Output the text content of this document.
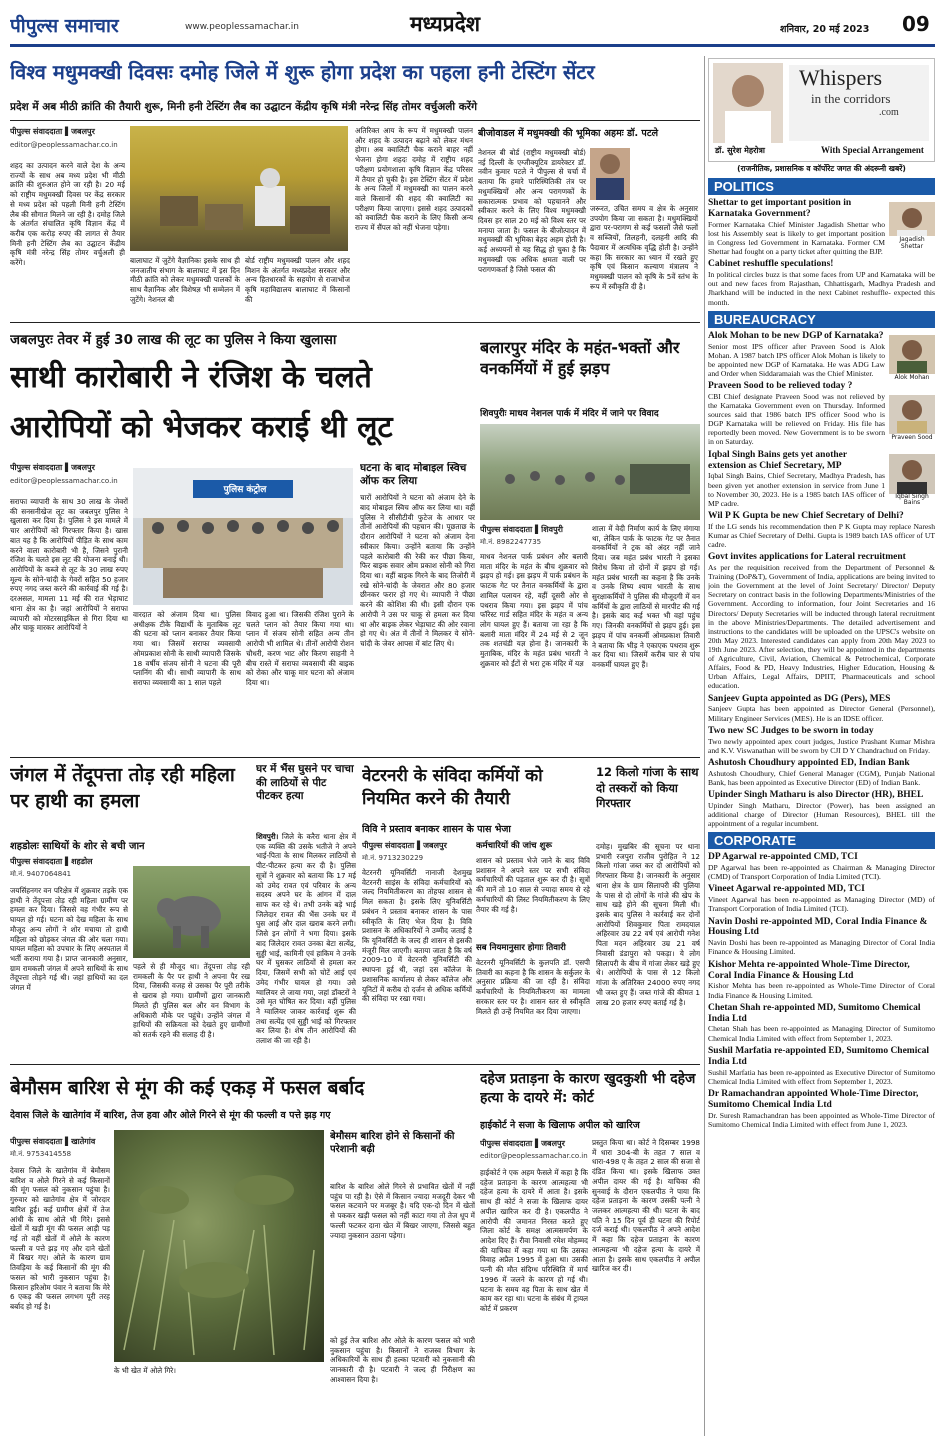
पीपुल्स समाचार	www.peoplessamachar.in	मध्यप्रदेश	शनिवार, 20 मई 2023 09
विश्व मधुमक्खी दिवसः दमोह जिले में शुरू होगा प्रदेश का पहला हनी टेस्टिंग सेंटर
प्रदेश में अब मीठी क्रांति की तैयारी शुरू, मिनी हनी टेस्टिंग लैब का उद्घाटन केंद्रीय कृषि मंत्री नरेन्द्र सिंह तोमर वर्चुअली करेंगे
पीपुल्स संवाददाता ▌जबलपुर
editor@peoplessamachar.co.in
शहद का उत्पादन करने वाले देश के अन्य राज्यों के साथ अब मध्य प्रदेश भी मीठी क्रांति की शुरुआत होने जा रही है। 20 मई को राष्ट्रीय मधुमक्खी दिवस पर केंद्र सरकार से मध्य प्रदेश को पहली मिनी हनी टेस्टिंग लैब की सौगात मिलने जा रही है। दमोह जिले के अंतर्गत संचालित कृषि विज्ञान केंद्र में करीब एक करोड़ रुपए की लागत से तैयार मिनी हनी टेस्टिंग लैब का उद्घाटन केंद्रीय कृषि मंत्री नरेन्द्र सिंह तोमर वर्चुअली ही करेंगे।	बालाघाट में जुटेंगे वैज्ञानिकः इसके साथ ही जनजातीय संभाग के बालाघाट में इस दिन मीठी क्रांति को लेकर मधुमक्खी पालकों के साथ वैज्ञानिक और विशेषज्ञ भी सम्मेलन में जुटेंगे। नेशनल बी
बोर्ड राष्ट्रीय मधुमक्खी पालन और शहद मिशन के अंतर्गत मध्यप्रदेश सरकार और अन्य हितधारकों के सहयोग से राजाभोज कृषि महाविद्यालय बालाघाट में किसानों की
अतिरिक्त आय के रूप में मधुमक्खी पालन और शहद के उत्पादन बढ़ाने को लेकर मंथन होगा। अब क्वालिटी चैक कराने बाहर नहीं भेजना होगा शहदः दमोह में राष्ट्रीय शहद परीक्षण प्रयोगशाला कृषि विज्ञान केंद्र परिसर में तैयार हो चुकी है। इस टेस्टिंग सेंटर में प्रदेश के अन्य जिलों में मधुमक्खी का पालन करने वाले किसानों की शहद की क्वालिटी का परीक्षण किया जाएगा। इससे शहद उत्पादकों को क्वालिटी चैक कराने के लिए किसी अन्य राज्य में सैंपल को नहीं भेजना पड़ेगा।
बीजोवाडल में मधुमक्खी की भूमिका अहमः डॉ. पटले
नेशनल बी बोर्ड (राष्ट्रीय मधुमक्खी बोर्ड) नई दिल्ली के एग्जीक्यूटिव डायरेक्टर डॉ. नवीन कुमार पटले ने पीपुल्स से चर्चा में बताया कि हमारे पारिस्थितिकी तंत्र पर मधुमक्खियों और अन्य परागणकों के सकारात्मक प्रभाव को पहचानने और स्वीकार करने के लिए विश्व मधुमक्खी दिवस हर साल 20 मई को विश्व स्तर पर मनाया जाता है। फसल के बीजोत्पादन में मधुमक्खी की भूमिका बेहद अहम होती है। कई अध्ययनों से यह सिद्ध हो चुका है कि मधुमक्खी एक अधिक क्षमता वाली पर परागणकर्ता है जिसे फसल की
जरूरत, उचित समय व क्षेत्र के अनुसार उपयोग किया जा सकता है। मधुमक्खियों द्वारा पर-परागण से कई फसलों जैसे फलों व सब्जियों, तिलहनी, दलहनी आदि की पैदावार में अत्यधिक वृद्धि होती है। उन्होंने कहा कि सरकार का ध्यान में रखते हुए कृषि एवं किसान कल्याण मंत्रालय ने मधुमक्खी पालन को कृषि के 5वें स्तंभ के रूप में स्वीकृति दी है।
जबलपुरः तेवर में हुई 30 लाख की लूट का पुलिस ने किया खुलासा
साथी कारोबारी ने रंजिश के चलते
आरोपियों को भेजकर कराई थी लूट
पीपुल्स संवाददाता ▌जबलपुर
editor@peoplessamachar.co.in
सराफा व्यापारी के साथ 30 लाख के जेवरों की सनसनीखेज लूट का जबलपुर पुलिस ने खुलासा कर दिया है। पुलिस ने इस मामले में चार आरोपियों को गिरफ्तार किया है। खास बात यह है कि आरोपियों पीड़ित के साथ काम करने वाला कारोबारी भी है, जिसने पुरानी रंजिश के चलते इस लूट की योजना बनाई थी। आरोपियों के कब्जे से लूट के 30 लाख रुपए मूल्य के सोने-चांदी के गेवरों सहित 50 हजार रुपए नगद जब्त करने की कार्रवाई की गई है। दरअसल, मामला 11 मई की रात भेड़ाघाट थाना क्षेत्र का है। जहां आरोपियों ने सराफा व्यापारी को मोटरसाइकिल से गिरा दिया था और चाकू मारकर आरोपियों ने
पुलिस कंट्रोल
वारदात को अंजाम दिया था। पुलिस अधीक्षक टीके विद्यार्थी के मुताबिक लूट की घटना को प्लान बनाकर तैयार किया गया था। जिसमें सराफा व्यवसायी ओमप्रकाश सोनी के साथी व्यापारी जिसके 18 वर्षीय संजय सोनी ने घटना की पूरी प्लानिंग की थी। साथी व्यापारी के साथ सराफा व्यवसायी का 1 साल पहले
विवाद हुआ था। जिसकी रंजिश पुराने के चलते प्लान को तैयार किया गया था। प्लान में संजय सोनी सहित अन्य तीन आरोपी भी शामिल थे। तीनों आरोपी रोशन चौधरी, करण भाट और किरण साहनी ने बीच रास्ते में सराफा व्यवसायी की बाइक को रोका और चाकू मार घटना को अंजाम दिया था।
घटना के बाद मोबाइल स्विच ऑफ कर लिया
चारों आरोपियों ने घटना को अंजाम देने के बाद मोबाइल स्विच ऑफ कर लिया था। वहीं पुलिस ने सीसीटीवी फुटेज के आधार पर तीनों आरोपियों की पहचान की। पूछताछ के दौरान आरोपियों ने घटना को अंजाम देना स्वीकार किया। उन्होंने बताया कि उन्होंने पहले कारोबारी की रेकी कर पीछा किया, फिर बाइक सवार ओम प्रकाश सोनी को गिरा दिया था। वहीं बाइक गिरने के बाद तिजोरी में रखे सोने-चांदी के जेवरात और 80 हजार छीनकर फरार हो गए थे। व्यापारी ने पीछा करने की कोशिश की थी। इसी दौरान एक आरोपी ने उस पर चाकू से हमला कर दिया था और बाइक लेकर भेड़ाघाट की ओर रवाना हो गए थे। अंत में तीनों ने मिलकर ये सोने-चांदी के जेवर आपस में बांट लिए थे।
बलारपुर मंदिर के महंत-भक्तों और वनकर्मियों में हुई झड़प
शिवपुरीः माधव नेशनल पार्क में मंदिर में जाने पर विवाद
पीपुल्स संवाददाता ▌शिवपुरी
मो.नं. 8982247735
माधव नेशनल पार्क प्रबंधन और बलारी माता मंदिर के महंत के बीच शुक्रवार को झड़प हो गई। इस झड़प में पार्क प्रबंधन के फाटक गेट पर तैनात वनकर्मियों के द्वारा शामिल पलायन रहे, वहीं दूसरी ओर से पथराव किया गया। इस झड़प में पांच फॉरेस्ट गार्ड सहित मंदिर के महंत व अन्य लोग घायल हुए हैं। बताया जा रहा है कि बलारी माता मंदिर में 24 मई से 2 जून तक शतचंडी यज्ञ होना है। जानकारी के मुताबिक, मंदिर के महंत प्रबंध भारती ने शुक्रवार को ईंटों से भरा ट्रक मंदिर में यज्ञ
शाला में वेदी निर्माण कार्य के लिए मंगाया था, लेकिन पार्क के फाटक गेट पर तैनात वनकर्मियों ने ट्रक को अंदर नहीं जाने दिया। जब महंत प्रबंध भारती ने इसका विरोध किया तो दोनों में झड़प हो गई। महंत प्रबंध भारती का कहना है कि उनके व उनके शिष्य श्याम भारती के साथ सुरक्षाकर्मियों ने पुलिस की मौजूदगी में वन कर्मियों के द्वारा लाठियों से मारपीट की गई है। इसके बाद कई भक्त भी वहां पहुंच गए। जिनकी वनकर्मियों से झड़प हुई। इस झड़प में पांच वनकर्मी ओमप्रकाश तिवारी ने बताया कि भीड़ ने एकाएक पथराव शुरू कर दिया था। जिसमें करीब चार से पांच वनकर्मी घायल हुए हैं।
जंगल में तेंदूपत्ता तोड़ रही महिला पर हाथी का हमला
शहडोलः साथियों के शोर से बची जान
पीपुल्स संवाददाता ▌शहडोल
मो.नं. 9407064841
जयसिंहनगर वन परिक्षेत्र में शुक्रवार तड़के एक हाथी ने तेंदूपत्ता तोड़ रही महिला ग्रामीण पर हमला कर दिया। जिससे वह गंभीर रूप से घायल हो गई। घटना को देख महिला के साथ मौजूद अन्य लोगों ने शोर मचाया तो हाथी महिला को छोड़कर जंगल की ओर चला गया। घायल महिला को उपचार के लिए अस्पताल में भर्ती कराया गया है। प्राप्त जानकारी अनुसार, ग्राम रामकली जंगल में अपने साथियों के साथ तेंदूपत्ता तोड़ने गई थी। जहां हाथियों का दल जंगल में
पहले से ही मौजूद था। तेंदूपत्ता तोड़ रही रामकली के पैर पर हाथी ने अपना पैर रख दिया, जिसकी वजह से उसका पैर पूरी तरीके से खराब हो गया। ग्रामीणों द्वारा जानकारी मिलते ही पुलिस बल और वन विभाग के अधिकारी मौके पर पहुंचे। उन्होंने जंगल में हाथियों की सक्रियता को देखते हुए ग्रामीणों को सतर्क रहने की सलाह दी है।
घर में भैंस घुसने पर चाचा की लाठियों से पीट पीटकर हत्या
शिवपुरी। जिले के करैरा थाना क्षेत्र में एक व्यक्ति की उसके भतीजे ने अपने भाई-पिता के साथ मिलकर लाठियों से पीट-पीटकर हत्या कर दी है। पुलिस सूत्रों ने शुक्रवार को बताया कि 17 मई को उमेद रावत एवं परिवार के अन्य सदस्य अपने घर के आंगन में दाल साफ कर रहे थे। तभी उनके बड़े भाई जिलेदार रावत की भैंस उनके घर में घुस आई और दाल खराब करने लगी। जिसे इन लोगों ने भगा दिया। इसके बाद जिलेदार रावत उनका बेटा सत्येंद्र, सुड्डी भाई, कामिनी एवं हाकिम ने उनके घर में घुसकर लाठियों से हमला कर दिया, जिसमें सभी को चोटें आई एवं उमेद गंभीर घायल हो गया। उसे ग्वालियर ले जाया गया, जहां डॉक्टरों ने उसे मृत घोषित कर दिया। वहीं पुलिस ने ग्वालियर जाकर कार्रवाई शुरू की तथा सत्येंद्र एवं सुड्डी भाई को गिरफ्तार कर लिया है। शेष तीन आरोपियों की तलाश की जा रही है।
वेटरनरी के संविदा कर्मियों को नियमित करने की तैयारी
विवि ने प्रस्ताव बनाकर शासन के पास भेजा
पीपुल्स संवाददाता ▌जबलपुर
मो.नं. 9713230229
वेटरनरी यूनिवर्सिटी नानाजी देशमुख वेटरनरी साइंस के संविदा कर्मचारियों को जल्द नियमितीकरण का तोहफा शासन से मिल सकता है। इसके लिए यूनिवर्सिटी प्रबंधन ने प्रस्ताव बनाकर शासन के पास स्वीकृति के लिए भेज दिया है। विवि प्रशासन के अधिकारियों ने उम्मीद जताई है कि यूनिवर्सिटी के जल्द ही शासन से इसकी मंजूरी मिल जाएगी। बताया जाता है कि वर्ष 2009-10 में वेटरनरी यूनिवर्सिटी की स्थापना हुई थी, जहां दस कॉलेज के प्रशासनिक कार्यालय से लेकर कॉलेज और यूनिटों में करीब दो दर्जन से अधिक कर्मियों की संविदा पर रखा गया।
कर्मचारियों की जांच शुरू
शासन को प्रस्ताव भेजे जाने के बाद विवि प्रशासन ने अपने स्तर पर सभी संविदा कर्मचारियों की पड़ताल शुरू कर दी है। सूत्रों की मानें तो 10 साल से ज्यादा समय से रहे कर्मचारियों की लिस्ट नियमितीकरण के लिए तैयार की गई है।
सब नियमानुसार होगाः तिवारी
वेटरनरी यूनिवर्सिटी के कुलपति डॉ. एसपी तिवारी का कहना है कि शासन के सर्कुलर के अनुसार प्रक्रिया की जा रही है। संविदा कर्मचारियों के नियमितीकरण का मामला सरकार स्तर पर है। शासन स्तर से स्वीकृति मिलते ही उन्हें नियमित कर दिया जाएगा।
12 किलो गांजा के साथ दो तस्करों को किया गिरफ्तार
दमोह। मुखबिर की सूचना पर थाना प्रभारी रजपुरा राजीव पुरोहित ने 12 किलो गांजा जब्त कर दो आरोपियों को गिरफ्तार किया है। जानकारी के अनुसार थाना क्षेत्र के ग्राम सिलापरी की पुलिया के पास से दो लोगों के गांजे की खेप के साथ खड़े होने की सूचना मिली थी। इसके बाद पुलिस ने कार्रवाई कर दोनों आरोपियों शिवकुमार पिता रामदयाल अहिरवार उम्र 22 वर्ष एवं आरोपी गनेश पिता मदन अहिरवार उम्र 21 वर्ष निवासी डंडापुरा को पकड़ा। ये लोग सिलापरी के बीच में गांजा लेकर खड़े हुए थे। आरोपियों के पास से 12 किलो गांजा के अतिरिक्त 24000 रुपए नगद भी जब्त हुए हैं। जब्त गांजे की कीमत 1 लाख 20 हजार रुपए बताई गई है।
बेमौसम बारिश से मूंग की कई एकड़ में फसल बर्बाद
देवास जिले के खातेगांव में बारिश, तेज हवा और ओले गिरने से मूंग की फल्ली व पत्ते झड़ गए
पीपुल्स संवाददाता ▌खातेगांव
मो.नं. 9753414558
देवास जिले के खातेगांव में बेमौसम बारिश व ओले गिरने से कई किसानों की मूंग फसल को नुकसान पहुंचा है। गुरुवार को खातेगांव क्षेत्र में जोरदार बारिश हुई। कई ग्रामीण क्षेत्रों में तेज आंधी के साथ ओले भी गिरे। इससे खेतों में खड़ी मूंग की फसल आड़ी पड़ गई तो वहीं खेतों में ओले के कारण फल्ली व पत्ते झड़ गए और दाने खेतों में बिखर गए। ओले के कारण ग्राम तिवड़िया के कई किसानों की मूंग की फसल को भारी नुकसान पहुंचा है। किसान हरिओम पंवार ने बताया कि मेरे 6 एकड़ की फसल लगभग पूरी तरह बर्बाद हो गई है।
के भी खेत में ओले गिरे।
बेमौसम बारिश होने से किसानों की परेशानी बढ़ी
बारिश के बारिश ओले गिरने से प्रभावित खेतों में नहीं पहुंच पा रही है। ऐसे में किसान ज्यादा मजदूरी देकर भी फसल कटवाने पर मजबूर है। यदि एक-दो दिन में खेतों से पककर खड़ी फसल को नहीं काटा गया तो तेज धूप में फल्ली फटकर दाना खेत में बिखर जाएगा, जिससे बहुत ज्यादा नुकसान उठाना पड़ेगा।
को हुई तेज बारिश और ओले के कारण फसल को भारी नुकसान पहुंचा है। किसानों ने राजस्व विभाग के अधिकारियों के साथ ही हल्का पटवारी को नुकसानी की जानकारी दी है। पटवारी ने जल्द ही निरीक्षण का आश्वासन दिया है।
दहेज प्रताड़ना के कारण खुदकुशी भी दहेज हत्या के दायरे में: कोर्ट
हाईकोर्ट ने सजा के खिलाफ अपील को खारिज
पीपुल्स संवाददाता ▌जबलपुर
editor@peoplessamachar.co.in
हाईकोर्ट ने एक अहम फैसले में कहा है कि दहेज प्रताड़ना के कारण आत्महत्या भी दहेज हत्या के दायरे में आता है। इसके साथ ही कोर्ट ने सजा के खिलाफ दायर अपील खारिज कर दी है। एकलपीठ ने आरोपी की जमानत निरस्त करते हुए जिला कोर्ट के समक्ष आत्मसमर्पण के आदेश दिए हैं। रीवा निवासी रमेश मोहम्मद की याचिका में कहा गया था कि उसका विवाह अप्रैल 1995 में हुआ था। उसकी पत्नी की मौत संदिग्ध परिस्थिति में मार्च 1996 में जलने के कारण हो गई थी। घटना के समय वह पिता के साथ खेत में काम कर रहा था। घटना के संबंध में ट्रायल कोर्ट में प्रकरण
प्रस्तुत किया था। कोर्ट ने दिसम्बर 1998 में धारा 304-बी के तहत 7 साल व धारा-498 ए के तहत 2 साल की सजा से दंडित किया था। इसके खिलाफ उक्त अपील दायर की गई है। याचिका की सुनवाई के दौरान एकलपीठ ने पाया कि दहेज प्रताड़ना के कारण उसकी पत्नी ने जलकर आत्महत्या की थी। घटना के बाद पति ने 15 दिन पूर्व ही घटना की रिपोर्ट दर्ज कराई थी। एकलपीठ ने अपने आदेश में कहा कि दहेज प्रताड़ना के कारण आत्महत्या भी दहेज हत्या के दायरे में आता है। इसके साथ एकलपीठ ने अपील खारिज कर दी।
Whispers
in the corridors
.com
डॉ. सुरेश मेहरोत्रा	With Special Arrangement
(राजनीतिक, प्रशासनिक व कॉर्पोरेट जगत की अंदरूनी खबरें)
POLITICS
Shettar to get important position in Karnataka Government?

Former Karnataka Chief Minister Jagadish Shettar who lost his Assembly seat is likely to get important position in Congress led Government in Karnataka. Former CM Shettar had fought on a party ticket after quitting the BJP.

Jagadish Shettar
Cabinet reshuffle speculations!

In political circles buzz is that some faces from UP and Karnataka will be out and new faces from Rajasthan, Chhattisgarh, Madhya Pradesh and Jharkhand will be inducted in the next Cabinet reshuffle- expected this month.

BUREAUCRACY
Alok Mohan to be new DGP of Karnataka?

Senior most IPS officer after Praveen Sood is Alok Mohan. A 1987 batch IPS officer Alok Mohan is likely to be appointed new DGP of Karnataka. He was ADG Law and Order when Siddaramaiah was the Chief Minister.	Alok Mohan
Praveen Sood to be relieved today ?

CBI Chief designate Praveen Sood was not relieved by the Karnataka Government even on Thursday. Informed sources said that 1986 batch IPS officer Sood who is DGP Karnataka will be relieved on Friday. His file has reportedly been moved. New Government is to be sworn in on Saturday.	Praveen Sood
Iqbal Singh Bains gets yet another extension as Chief Secretary, MP

Iqbal Singh Bains, Chief Secretary, Madhya Pradesh, has been given yet another extension in service from June 1 to November 30, 2023. He is a 1985 batch IAS officer of MP cadre.

Iqbal Singh Bains
Wil P K Gupta be new Chief Secretary of Delhi?

If the LG sends his recommendation then P K Gupta may replace Naresh Kumar as Chief Secretary of Delhi. Gupta is 1989 batch IAS officer of UT cadre.

Govt invites applications for Lateral recruitment

As per the requisition received from the Department of Personnel & Training (DoP&T), Government of India, applications are being invited to join the Government at the level of Joint Secretary/ Director/ Deputy Secretary on contract basis in the following Departments/Ministries of the Government. According to information, four Joint Secretaries and 16 Directors/ Deputy Secretaries will be inducted through lateral recruitment in the above Ministries/Departments. The detailed advertisement and instructions to the candidates will be uploaded on the UPSC's website on 20th May 2023. Interested candidates can apply from 20th May 2023 to 19th June 2023. After selection, they will be appointed in the departments of Agriculture, Civil, Aviation, Chemical & Petrochemical, Corporate Affairs, Food & PD, Heavy Industries, Higher Education, Housing & Urban Affairs, Legal Affairs, DPIIT, Pharmaceuticals and school education.

Sanjeev Gupta appointed as DG (Pers), MES

Sanjeev Gupta has been appointed as Director General (Personnel), Military Engineer Services (MES). He is an IDSE officer.

Two new SC Judges to be sworn in today

Two newly appointed apex court judges, Justice Prashant Kumar Mishra and K.V. Viswanathan will be sworn by CJI D Y Chandrachud on Friday.

Ashutosh Choudhury appointed ED, Indian Bank

Ashutosh Choudhury, Chief General Manager (CGM), Punjab National Bank, has been appointed as Executive Director (ED) of Indian Bank.

Upinder Singh Matharu is also Director (HR), BHEL

Upinder Singh Matharu, Director (Power), has been assigned an additional charge of Director (Human Resources), BHEL till the appointment of a regular incumbent.

CORPORATE
DP Agarwal re-appointed CMD, TCI

DP Agarwal has been re-appointed as Chairman & Managing Director (CMD) of Transport Corporation of India Limited (TCI).

Vineet Agarwal re-appointed MD, TCI

Vineet Agarwal has been re-appointed as Managing Director (MD) of Transport Corporation of India Limited (TCI).

Navin Doshi re-appointed MD, Coral India Finance & Housing Ltd

Navin Doshi has been re-appointed as Managing Director of Coral India Finance & Housing Limited.

Kishor Mehta re-appointed Whole-Time Director, Coral India Finance & Housing Ltd

Kishor Mehta has been re-appointed as Whole-Time Director of Coral India Finance & Housing Limited.

Chetan Shah re-appointed MD, Sumitomo Chemical India Ltd

Chetan Shah has been re-appointed as Managing Director of Sumitomo Chemical India Limited with effect from September 1, 2023.

Sushil Marfatia re-appointed ED, Sumitomo Chemical India Ltd

Sushil Marfatia has been re-appointed as Executive Director of Sumitomo Chemical India Limited with effect from September 1, 2023.

Dr Ramachandran appointed Whole-Time Director, Sumitomo Chemical India Ltd

Dr. Suresh Ramachandran has been appointed as Whole-Time Director of Sumitomo Chemical India Limited with effect from June 1, 2023.
